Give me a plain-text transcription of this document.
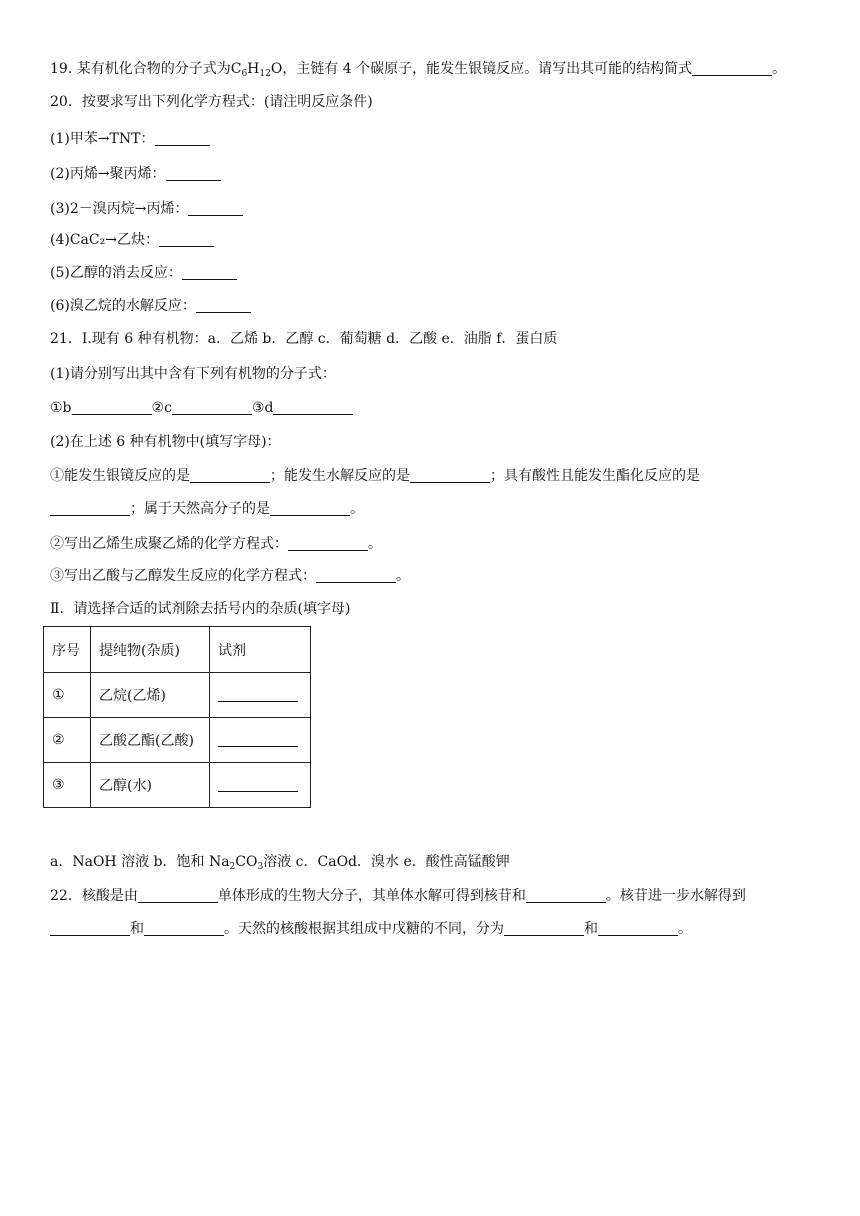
19. 某有机化合物的分子式为$C_6H_{12}O$，主链有 4 个碳原子，能发生银镜反应。请写出其可能的结构简式	。
20．按要求写出下列化学方程式：(请注明反应条件)
(1)甲苯→TNT：
(2)丙烯→聚丙烯：
(3)2－溴丙烷→丙烯：
(4)CaC₂→乙炔：
(5)乙醇的消去反应：
(6)溴乙烷的水解反应：
21．Ⅰ.现有 6 种有机物：a．乙烯 b．乙醇 c．葡萄糖 d．乙酸 e．油脂 f．蛋白质
(1)请分别写出其中含有下列有机物的分子式：
①b	②c	③d
(2)在上述 6 种有机物中(填写字母)：
①能发生银镜反应的是	；能发生水解反应的是	；具有酸性且能发生酯化反应的是
；属于天然高分子的是	。
②写出乙烯生成聚乙烯的化学方程式：	。
③写出乙酸与乙醇发生反应的化学方程式：	。
Ⅱ．请选择合适的试剂除去括号内的杂质(填字母)
序号	提纯物(杂质)	试剂
①	乙烷(乙烯)	
②	乙酸乙酯(乙酸)	
③	乙醇(水)	
a．NaOH 溶液 b．饱和 $Na_2CO_3$溶液 c．CaOd．溴水 e．酸性高锰酸钾
22．核酸是由	单体形成的生物大分子，其单体水解可得到核苷和	。核苷进一步水解得到
和	。天然的核酸根据其组成中戊糖的不同，分为	和	。
